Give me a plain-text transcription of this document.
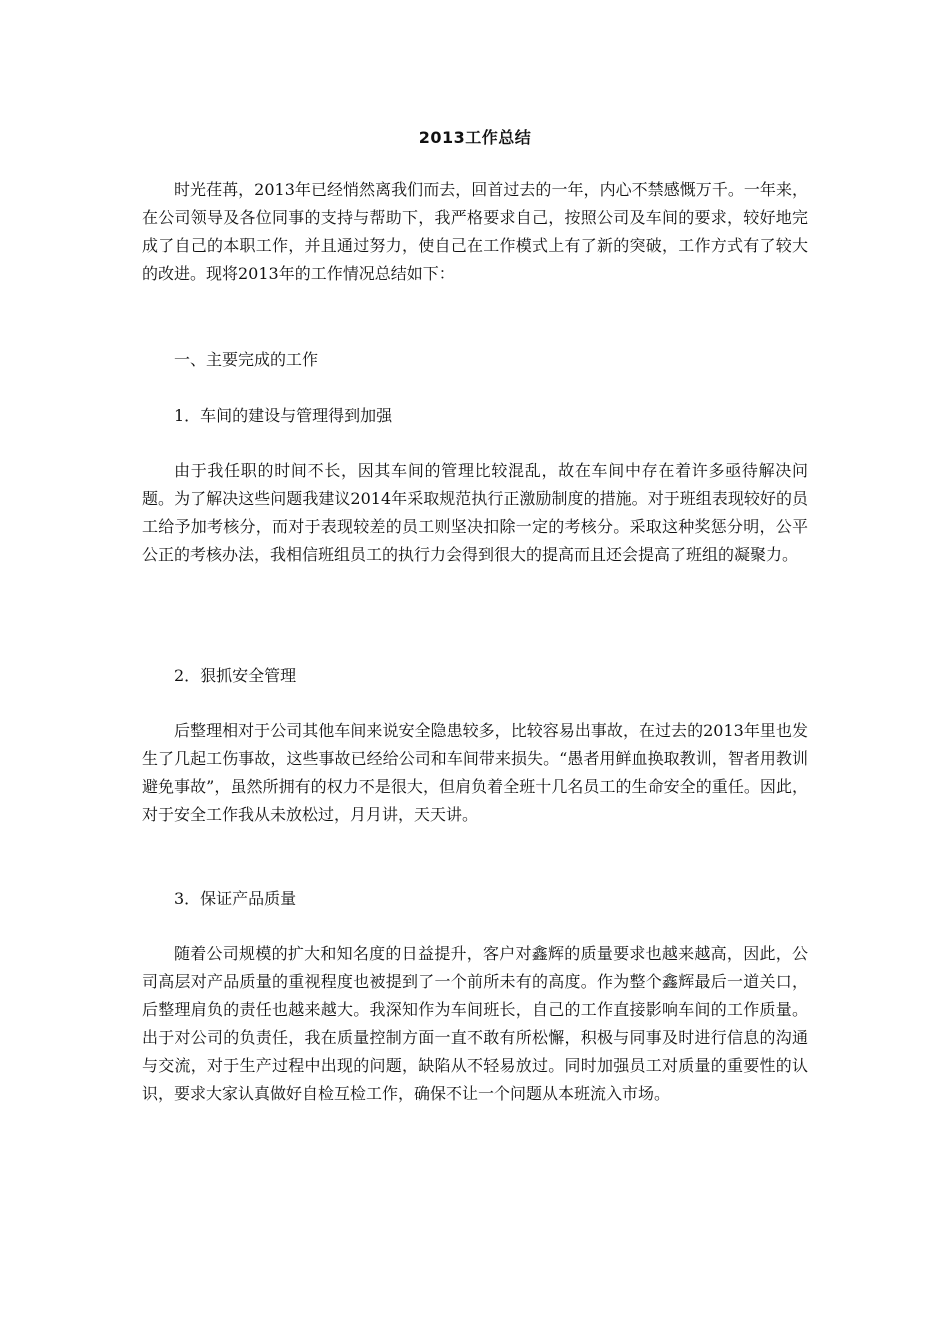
2013工作总结

时光荏苒，2013年已经悄然离我们而去，回首过去的一年，内心不禁感慨万千。一年来，在公司领导及各位同事的支持与帮助下，我严格要求自己，按照公司及车间的要求，较好地完成了自己的本职工作，并且通过努力，使自己在工作模式上有了新的突破，工作方式有了较大的改进。现将2013年的工作情况总结如下：

一、主要完成的工作

1．车间的建设与管理得到加强

由于我任职的时间不长，因其车间的管理比较混乱，故在车间中存在着许多亟待解决问题。为了解决这些问题我建议2014年采取规范执行正激励制度的措施。对于班组表现较好的员工给予加考核分，而对于表现较差的员工则坚决扣除一定的考核分。采取这种奖惩分明，公平公正的考核办法，我相信班组员工的执行力会得到很大的提高而且还会提高了班组的凝聚力。

2．狠抓安全管理

后整理相对于公司其他车间来说安全隐患较多，比较容易出事故，在过去的2013年里也发生了几起工伤事故，这些事故已经给公司和车间带来损失。“愚者用鲜血换取教训，智者用教训避免事故”，虽然所拥有的权力不是很大，但肩负着全班十几名员工的生命安全的重任。因此，对于安全工作我从未放松过，月月讲，天天讲。

3．保证产品质量

随着公司规模的扩大和知名度的日益提升，客户对鑫辉的质量要求也越来越高，因此，公司高层对产品质量的重视程度也被提到了一个前所未有的高度。作为整个鑫辉最后一道关口，后整理肩负的责任也越来越大。我深知作为车间班长，自己的工作直接影响车间的工作质量。出于对公司的负责任，我在质量控制方面一直不敢有所松懈，积极与同事及时进行信息的沟通与交流，对于生产过程中出现的问题，缺陷从不轻易放过。同时加强员工对质量的重要性的认识，要求大家认真做好自检互检工作，确保不让一个问题从本班流入市场。
